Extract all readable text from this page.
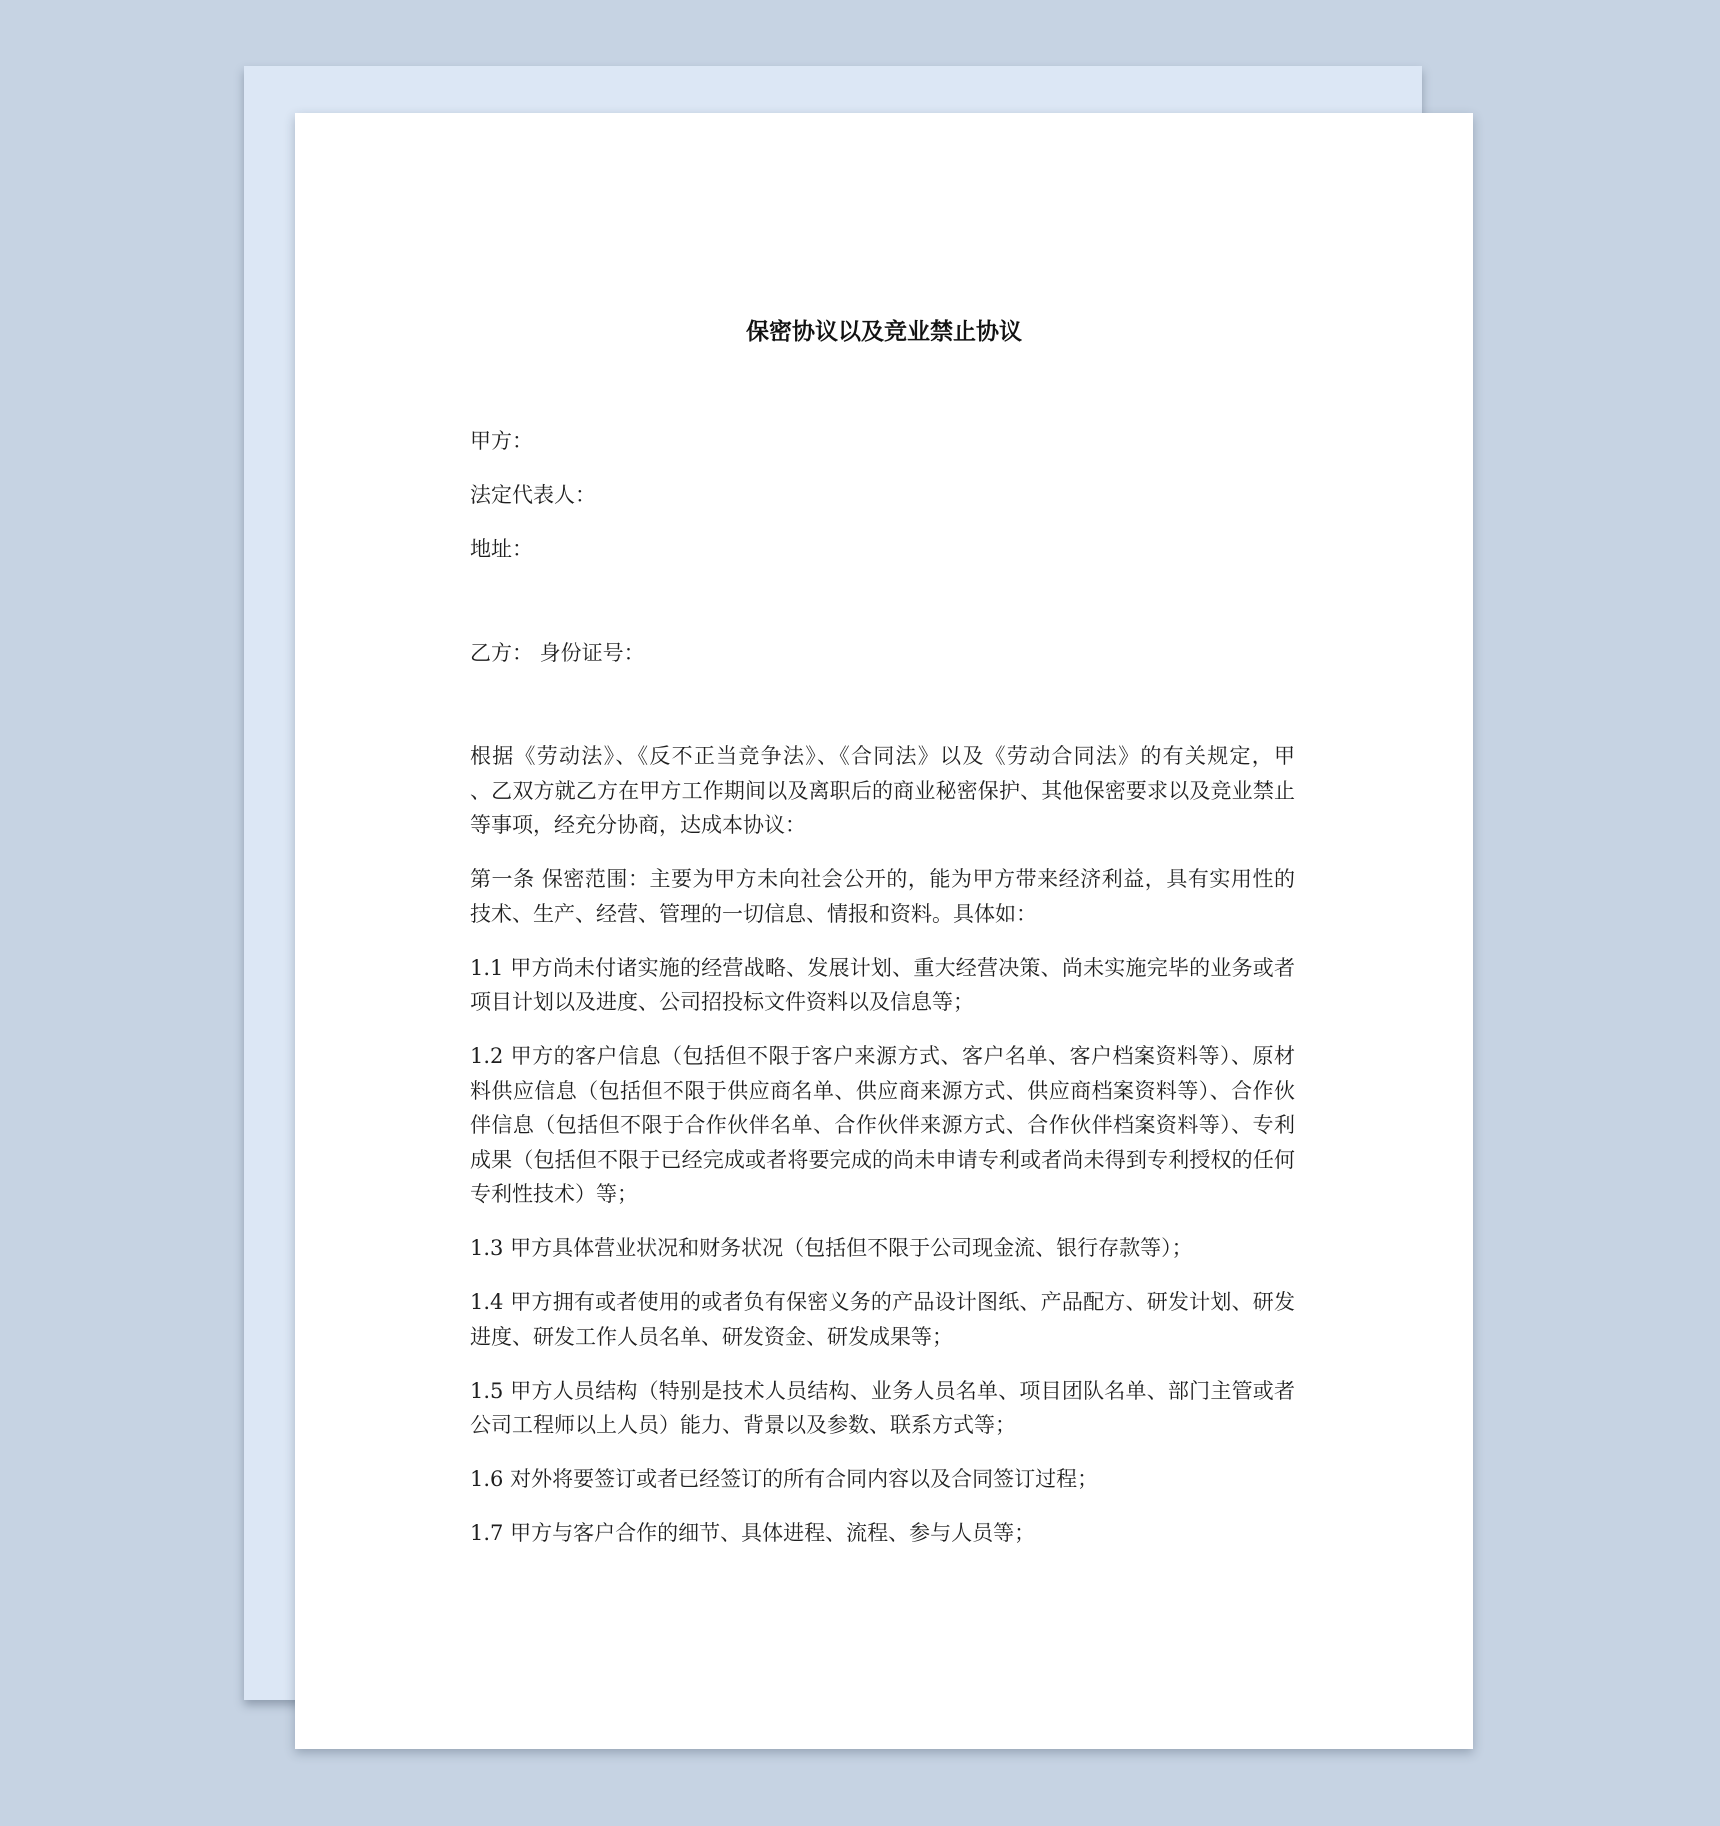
保密协议以及竞业禁止协议
甲方：
法定代表人：
地址：
乙方： 身份证号：
根据《劳动法》、《反不正当竞争法》、《合同法》以及《劳动合同法》的有关规定，甲
、乙双方就乙方在甲方工作期间以及离职后的商业秘密保护、其他保密要求以及竞业禁止
等事项，经充分协商，达成本协议：
第一条 保密范围：主要为甲方未向社会公开的，能为甲方带来经济利益，具有实用性的
技术、生产、经营、管理的一切信息、情报和资料。具体如：
1.1 甲方尚未付诸实施的经营战略、发展计划、重大经营决策、尚未实施完毕的业务或者
项目计划以及进度、公司招投标文件资料以及信息等；
1.2 甲方的客户信息（包括但不限于客户来源方式、客户名单、客户档案资料等）、原材
料供应信息（包括但不限于供应商名单、供应商来源方式、供应商档案资料等）、合作伙
伴信息（包括但不限于合作伙伴名单、合作伙伴来源方式、合作伙伴档案资料等）、专利
成果（包括但不限于已经完成或者将要完成的尚未申请专利或者尚未得到专利授权的任何
专利性技术）等；
1.3 甲方具体营业状况和财务状况（包括但不限于公司现金流、银行存款等）；
1.4 甲方拥有或者使用的或者负有保密义务的产品设计图纸、产品配方、研发计划、研发
进度、研发工作人员名单、研发资金、研发成果等；
1.5 甲方人员结构（特别是技术人员结构、业务人员名单、项目团队名单、部门主管或者
公司工程师以上人员）能力、背景以及参数、联系方式等；
1.6 对外将要签订或者已经签订的所有合同内容以及合同签订过程；
1.7 甲方与客户合作的细节、具体进程、流程、参与人员等；
